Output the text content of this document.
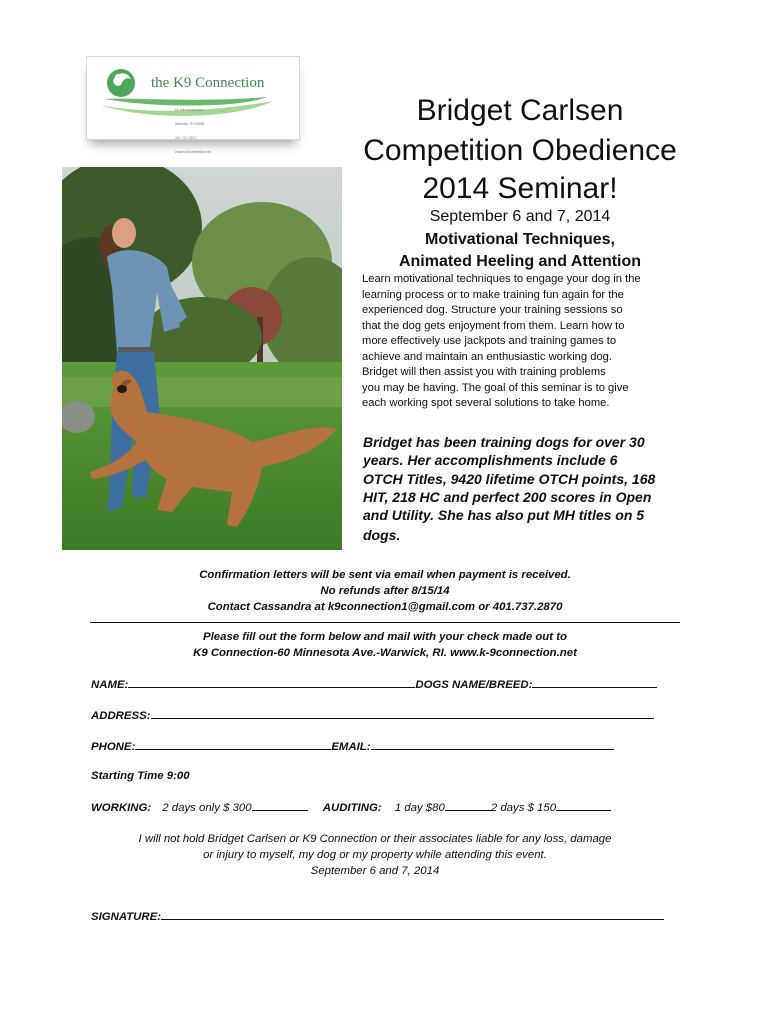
the K9 Connection

60 Minnesota Ave.

Warwick, RI 02888

401.737.2870

www.k-9connection.net

Bridget Carlsen
Competition Obedience
2014 Seminar!
September 6 and 7, 2014
Motivational Techniques,
Animated Heeling and Attention
Learn motivational techniques to engage your dog in the
learning process or to make training fun again for the
experienced dog. Structure your training sessions so
that the dog gets enjoyment from them. Learn how to
more effectively use jackpots and training games to
achieve and maintain an enthusiastic working dog.
Bridget will then assist you with training problems
you may be having. The goal of this seminar is to give
each working spot several solutions to take home.
Bridget has been training dogs for over 30
years. Her accomplishments include 6
OTCH Titles, 9420 lifetime OTCH points, 168
HIT, 218 HC and perfect 200 scores in Open
and Utility. She has also put MH titles on 5
dogs.
Confirmation letters will be sent via email when payment is received.
No refunds after 8/15/14
Contact Cassandra at k9connection1@gmail.com or 401.737.2870
Please fill out the form below and mail with your check made out to
K9 Connection-60 Minnesota Ave.-Warwick, RI. www.k-9connection.net
NAME:	DOGS NAME/BREED:
ADDRESS:
PHONE:	EMAIL:
Starting Time 9:00
WORKING: 2 days only $ 300	AUDITING: 1 day $80	2 days $ 150
I will not hold Bridget Carlsen or K9 Connection or their associates liable for any loss, damage
or injury to myself, my dog or my property while attending this event.
September 6 and 7, 2014
SIGNATURE:
